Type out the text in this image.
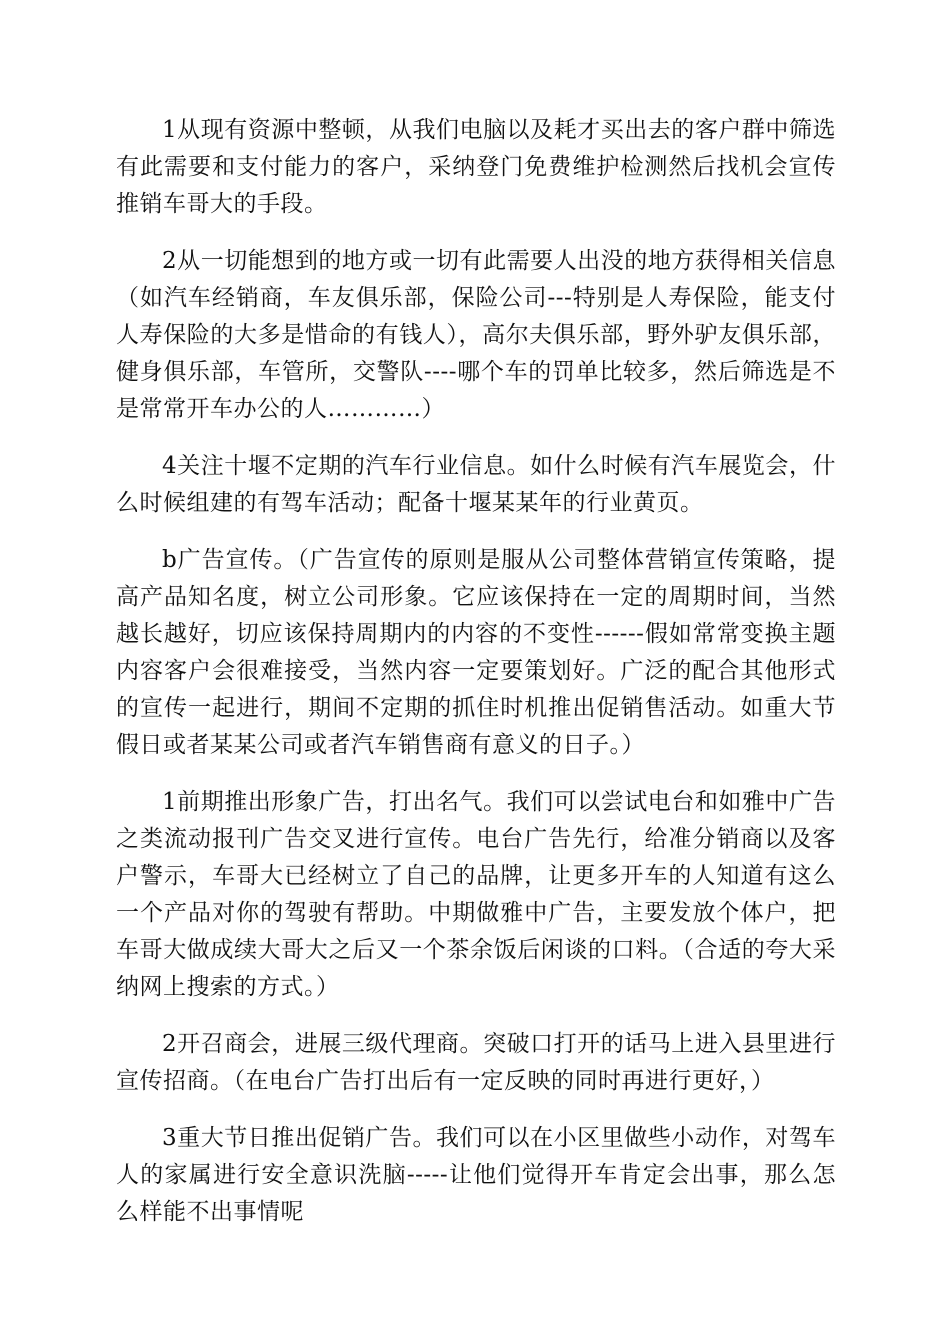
1从现有资源中整顿，从我们电脑以及耗才买出去的客户群中筛选有此需要和支付能力的客户，采纳登门免费维护检测然后找机会宣传推销车哥大的手段。

2从一切能想到的地方或一切有此需要人出没的地方获得相关信息（如汽车经销商，车友俱乐部，保险公司---特别是人寿保险，能支付人寿保险的大多是惜命的有钱人），高尔夫俱乐部，野外驴友俱乐部，健身俱乐部，车管所，交警队----哪个车的罚单比较多，然后筛选是不是常常开车办公的人…………）

4关注十堰不定期的汽车行业信息。如什么时候有汽车展览会，什么时候组建的有驾车活动；配备十堰某某年的行业黄页。

b广告宣传。（广告宣传的原则是服从公司整体营销宣传策略，提高产品知名度，树立公司形象。它应该保持在一定的周期时间，当然越长越好，切应该保持周期内的内容的不变性------假如常常变换主题内容客户会很难接受，当然内容一定要策划好。广泛的配合其他形式的宣传一起进行，期间不定期的抓住时机推出促销售活动。如重大节假日或者某某公司或者汽车销售商有意义的日子。）

1前期推出形象广告，打出名气。我们可以尝试电台和如雅中广告之类流动报刊广告交叉进行宣传。电台广告先行，给准分销商以及客户警示，车哥大已经树立了自己的品牌，让更多开车的人知道有这么一个产品对你的驾驶有帮助。中期做雅中广告，主要发放个体户，把车哥大做成续大哥大之后又一个茶余饭后闲谈的口料。（合适的夸大采纳网上搜索的方式。）

2开召商会，进展三级代理商。突破口打开的话马上进入县里进行宣传招商。（在电台广告打出后有一定反映的同时再进行更好，）

3重大节日推出促销广告。我们可以在小区里做些小动作，对驾车人的家属进行安全意识洗脑-----让他们觉得开车肯定会出事，那么怎么样能不出事情呢
